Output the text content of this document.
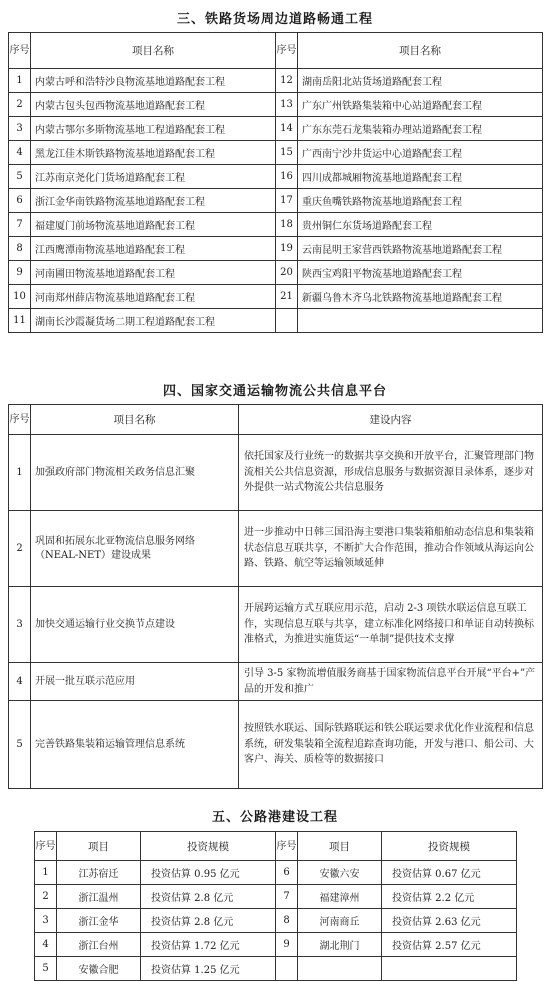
三、铁路货场周边道路畅通工程
序号	项目名称	序号	项目名称
1	内蒙古呼和浩特沙良物流基地道路配套工程	12	湖南岳阳北站货场道路配套工程
2	内蒙古包头包西物流基地道路配套工程	13	广东广州铁路集装箱中心站道路配套工程
3	内蒙古鄂尔多斯物流基地工程道路配套工程	14	广东东莞石龙集装箱办理站道路配套工程
4	黑龙江佳木斯铁路物流基地道路配套工程	15	广西南宁沙井货运中心道路配套工程
5	江苏南京尧化门货场道路配套工程	16	四川成都城厢物流基地道路配套工程
6	浙江金华南铁路物流基地道路配套工程	17	重庆鱼嘴铁路物流基地道路配套工程
7	福建厦门前场物流基地道路配套工程	18	贵州铜仁东货场道路配套工程
8	江西鹰潭南物流基地道路配套工程	19	云南昆明王家营西铁路物流基地道路配套工程
9	河南圃田物流基地道路配套工程	20	陕西宝鸡阳平物流基地道路配套工程
10	河南郑州薛店物流基地道路配套工程	21	新疆乌鲁木齐乌北铁路物流基地道路配套工程
11	湖南长沙霞凝货场二期工程道路配套工程		
四、国家交通运输物流公共信息平台
序号	项目名称	建设内容
1	加强政府部门物流相关政务信息汇聚	依托国家及行业统一的数据共享交换和开放平台，汇聚管理部门物流相关公共信息资源，形成信息服务与数据资源目录体系，逐步对外提供一站式物流公共信息服务
2	巩固和拓展东北亚物流信息服务网络（NEAL-NET）建设成果	进一步推动中日韩三国沿海主要港口集装箱船舶动态信息和集装箱状态信息互联共享，不断扩大合作范围，推动合作领域从海运向公路、铁路、航空等运输领域延伸
3	加快交通运输行业交换节点建设	开展跨运输方式互联应用示范，启动 2-3 项铁水联运信息互联工作，实现信息互联与共享，建立标准化网络接口和单证自动转换标准格式，为推进实施货运“一单制”提供技术支撑
4	开展一批互联示范应用	引导 3-5 家物流增值服务商基于国家物流信息平台开展“平台+”产品的开发和推广
5	完善铁路集装箱运输管理信息系统	按照铁水联运、国际铁路联运和铁公联运要求优化作业流程和信息系统，研发集装箱全流程追踪查询功能，开发与港口、船公司、大客户、海关、质检等的数据接口
五、公路港建设工程
序号	项目	投资规模	序号	项目	投资规模
1	江苏宿迁	投资估算 0.95 亿元	6	安徽六安	投资估算 0.67 亿元
2	浙江温州	投资估算 2.8 亿元	7	福建漳州	投资估算 2.2 亿元
3	浙江金华	投资估算 2.8 亿元	8	河南商丘	投资估算 2.63 亿元
4	浙江台州	投资估算 1.72 亿元	9	湖北荆门	投资估算 2.57 亿元
5	安徽合肥	投资估算 1.25 亿元			
